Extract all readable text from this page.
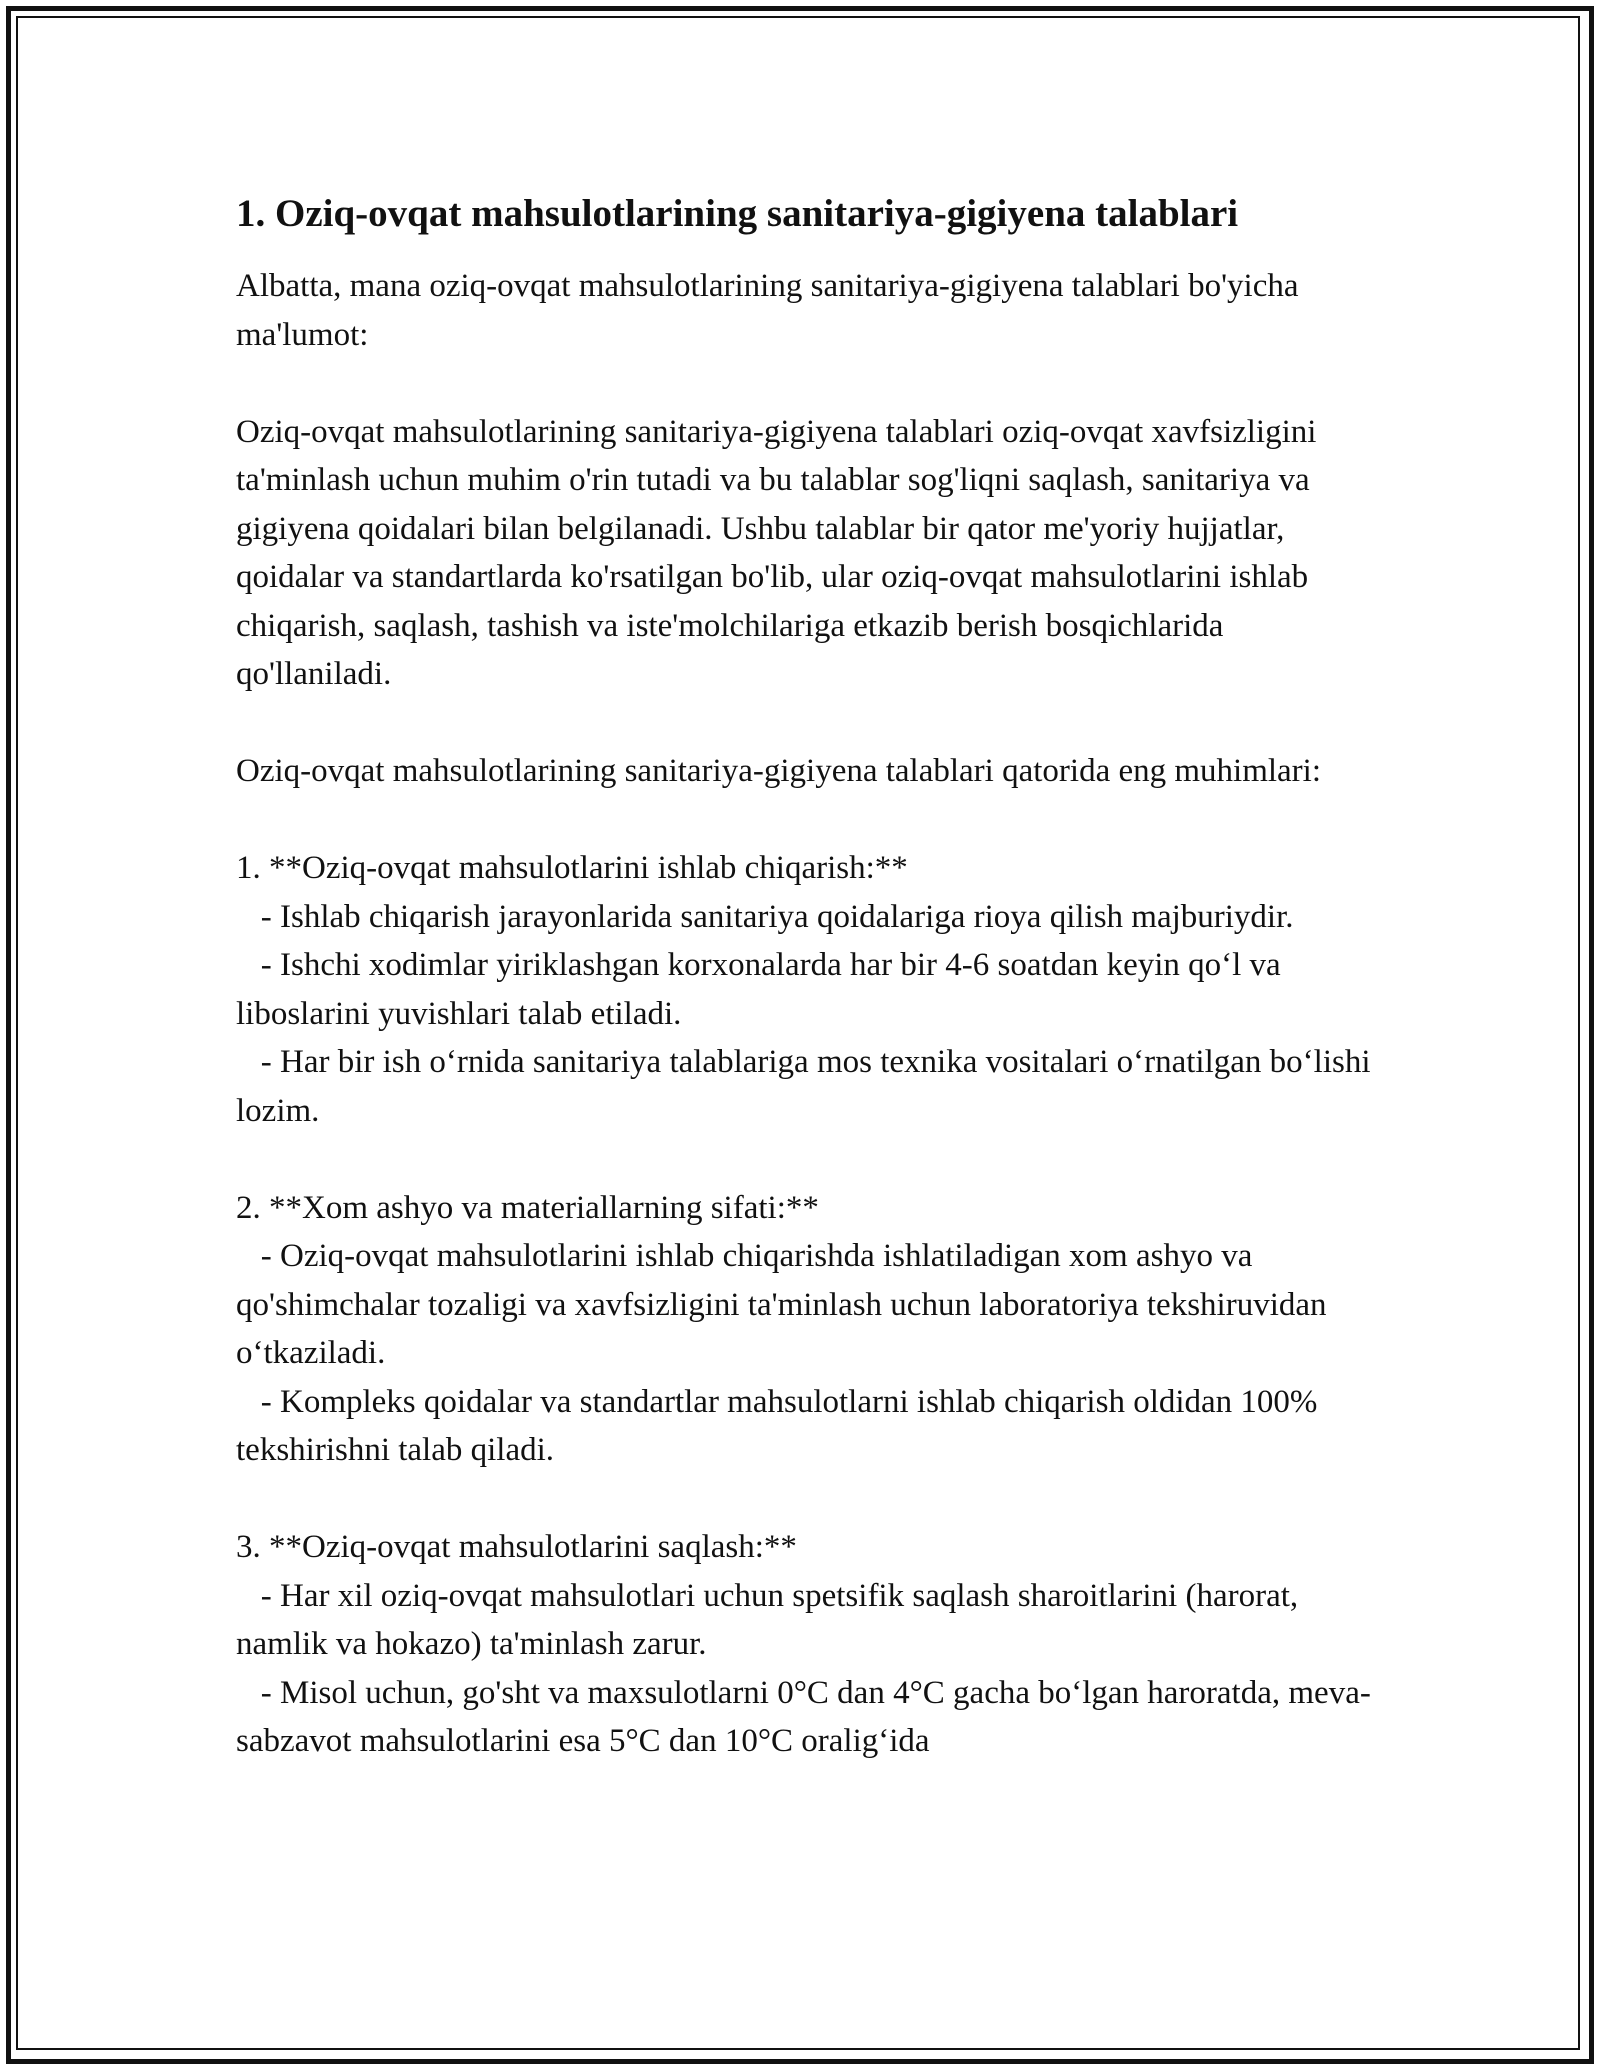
1. Oziq-ovqat mahsulotlarining sanitariya-gigiyena talablari

Albatta, mana oziq-ovqat mahsulotlarining sanitariya-gigiyena talablari bo'yicha ma'lumot:

Oziq-ovqat mahsulotlarining sanitariya-gigiyena talablari oziq-ovqat xavfsizligini ta'minlash uchun muhim o'rin tutadi va bu talablar sog'liqni saqlash, sanitariya va gigiyena qoidalari bilan belgilanadi. Ushbu talablar bir qator me'yoriy hujjatlar, qoidalar va standartlarda ko'rsatilgan bo'lib, ular oziq-ovqat mahsulotlarini ishlab chiqarish, saqlash, tashish va iste'molchilariga etkazib berish bosqichlarida qo'llaniladi.

Oziq-ovqat mahsulotlarining sanitariya-gigiyena talablari qatorida eng muhimlari:

1. **Oziq-ovqat mahsulotlarini ishlab chiqarish:**

- Ishlab chiqarish jarayonlarida sanitariya qoidalariga rioya qilish majburiydir.

- Ishchi xodimlar yiriklashgan korxonalarda har bir 4-6 soatdan keyin qo‘l va liboslarini yuvishlari talab etiladi.

- Har bir ish o‘rnida sanitariya talablariga mos texnika vositalari o‘rnatilgan bo‘lishi lozim.

2. **Xom ashyo va materiallarning sifati:**

- Oziq-ovqat mahsulotlarini ishlab chiqarishda ishlatiladigan xom ashyo va qo'shimchalar tozaligi va xavfsizligini ta'minlash uchun laboratoriya tekshiruvidan o‘tkaziladi.

- Kompleks qoidalar va standartlar mahsulotlarni ishlab chiqarish oldidan 100% tekshirishni talab qiladi.

3. **Oziq-ovqat mahsulotlarini saqlash:**

- Har xil oziq-ovqat mahsulotlari uchun spetsifik saqlash sharoitlarini (harorat, namlik va hokazo) ta'minlash zarur.

- Misol uchun, go'sht va maxsulotlarni 0°C dan 4°C gacha bo‘lgan haroratda, meva-sabzavot mahsulotlarini esa 5°C dan 10°C oralig‘ida
